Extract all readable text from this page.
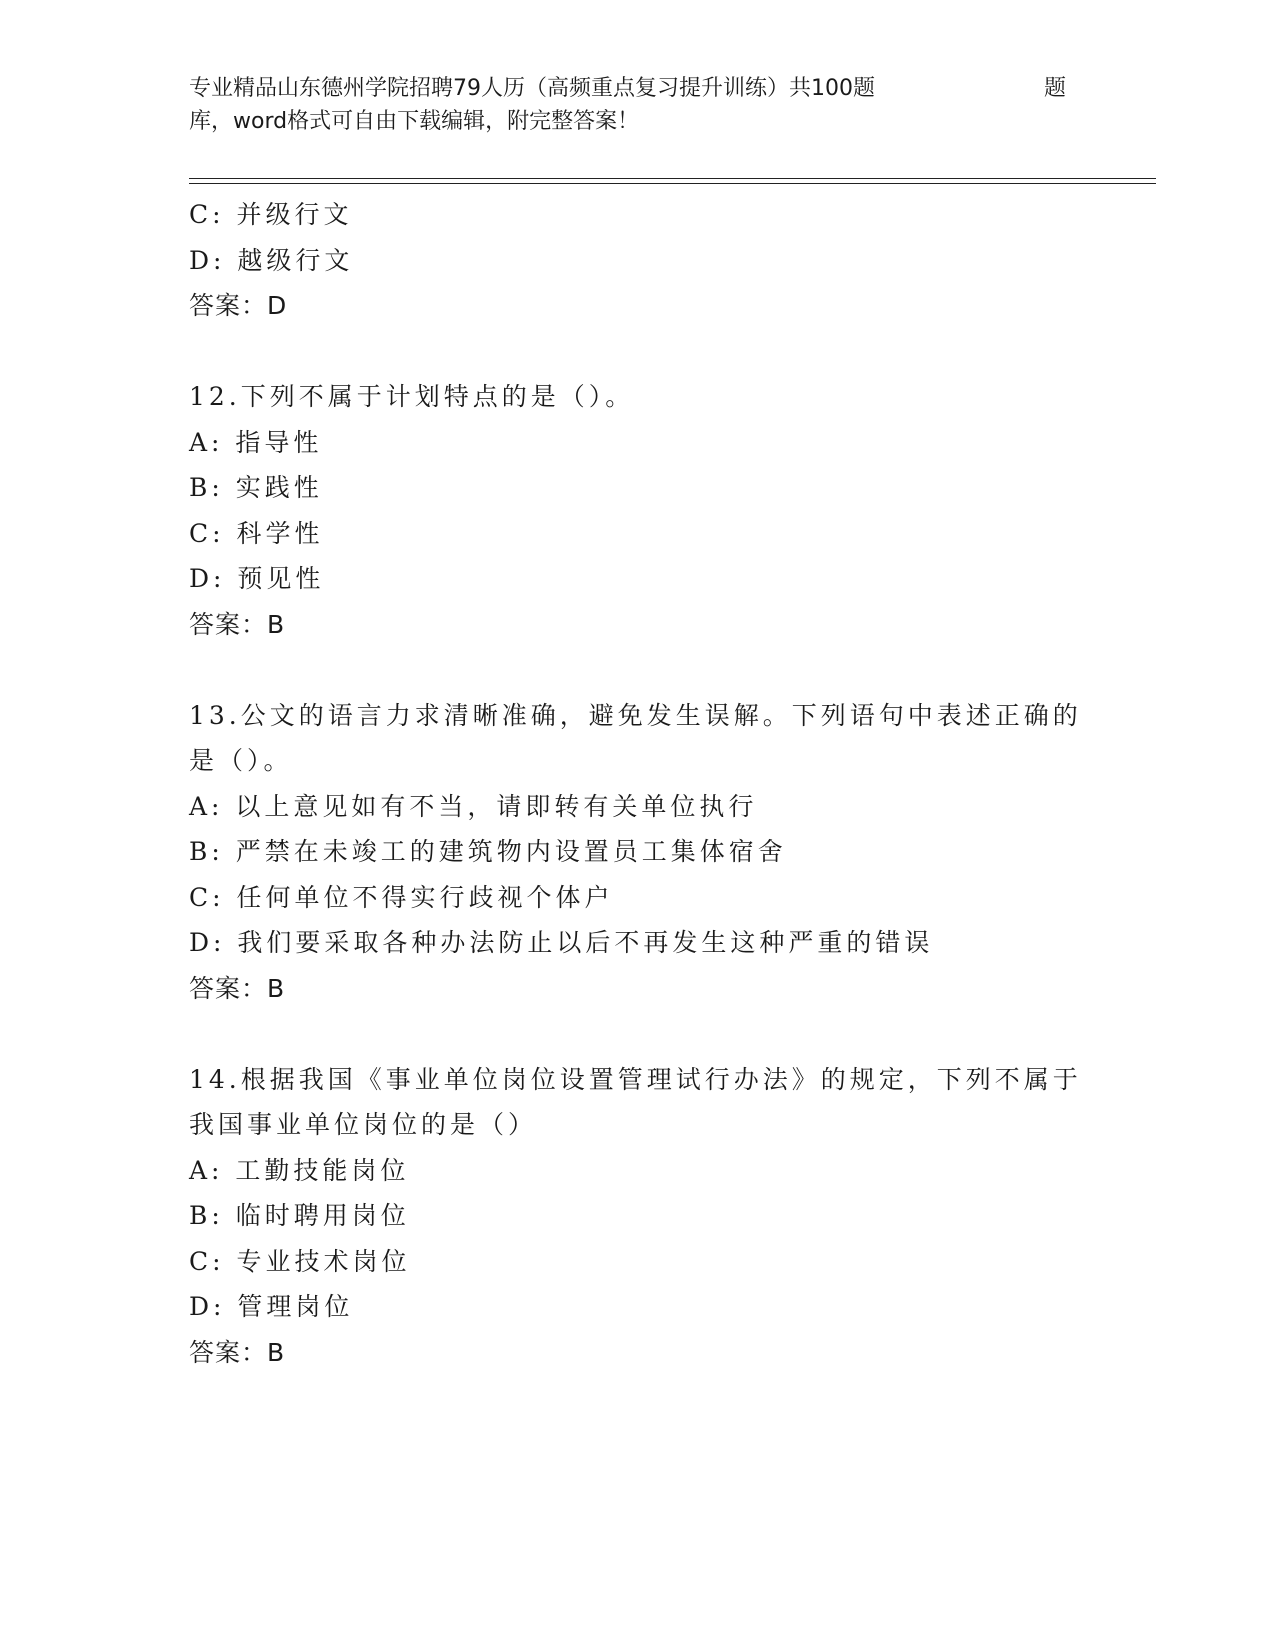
专业精品山东德州学院招聘79人历（高频重点复习提升训练）共100题	题
库，word格式可自由下载编辑，附完整答案！
C: 并级行文
D: 越级行文
答案：D
12.下列不属于计划特点的是（）。
A: 指导性
B: 实践性
C: 科学性
D: 预见性
答案：B
13.公文的语言力求清晰准确，避免发生误解。下列语句中表述正确的
是（）。
A: 以上意见如有不当，请即转有关单位执行
B: 严禁在未竣工的建筑物内设置员工集体宿舍
C: 任何单位不得实行歧视个体户
D: 我们要采取各种办法防止以后不再发生这种严重的错误
答案：B
14.根据我国《事业单位岗位设置管理试行办法》的规定，下列不属于
我国事业单位岗位的是（）
A: 工勤技能岗位
B: 临时聘用岗位
C: 专业技术岗位
D: 管理岗位
答案：B
